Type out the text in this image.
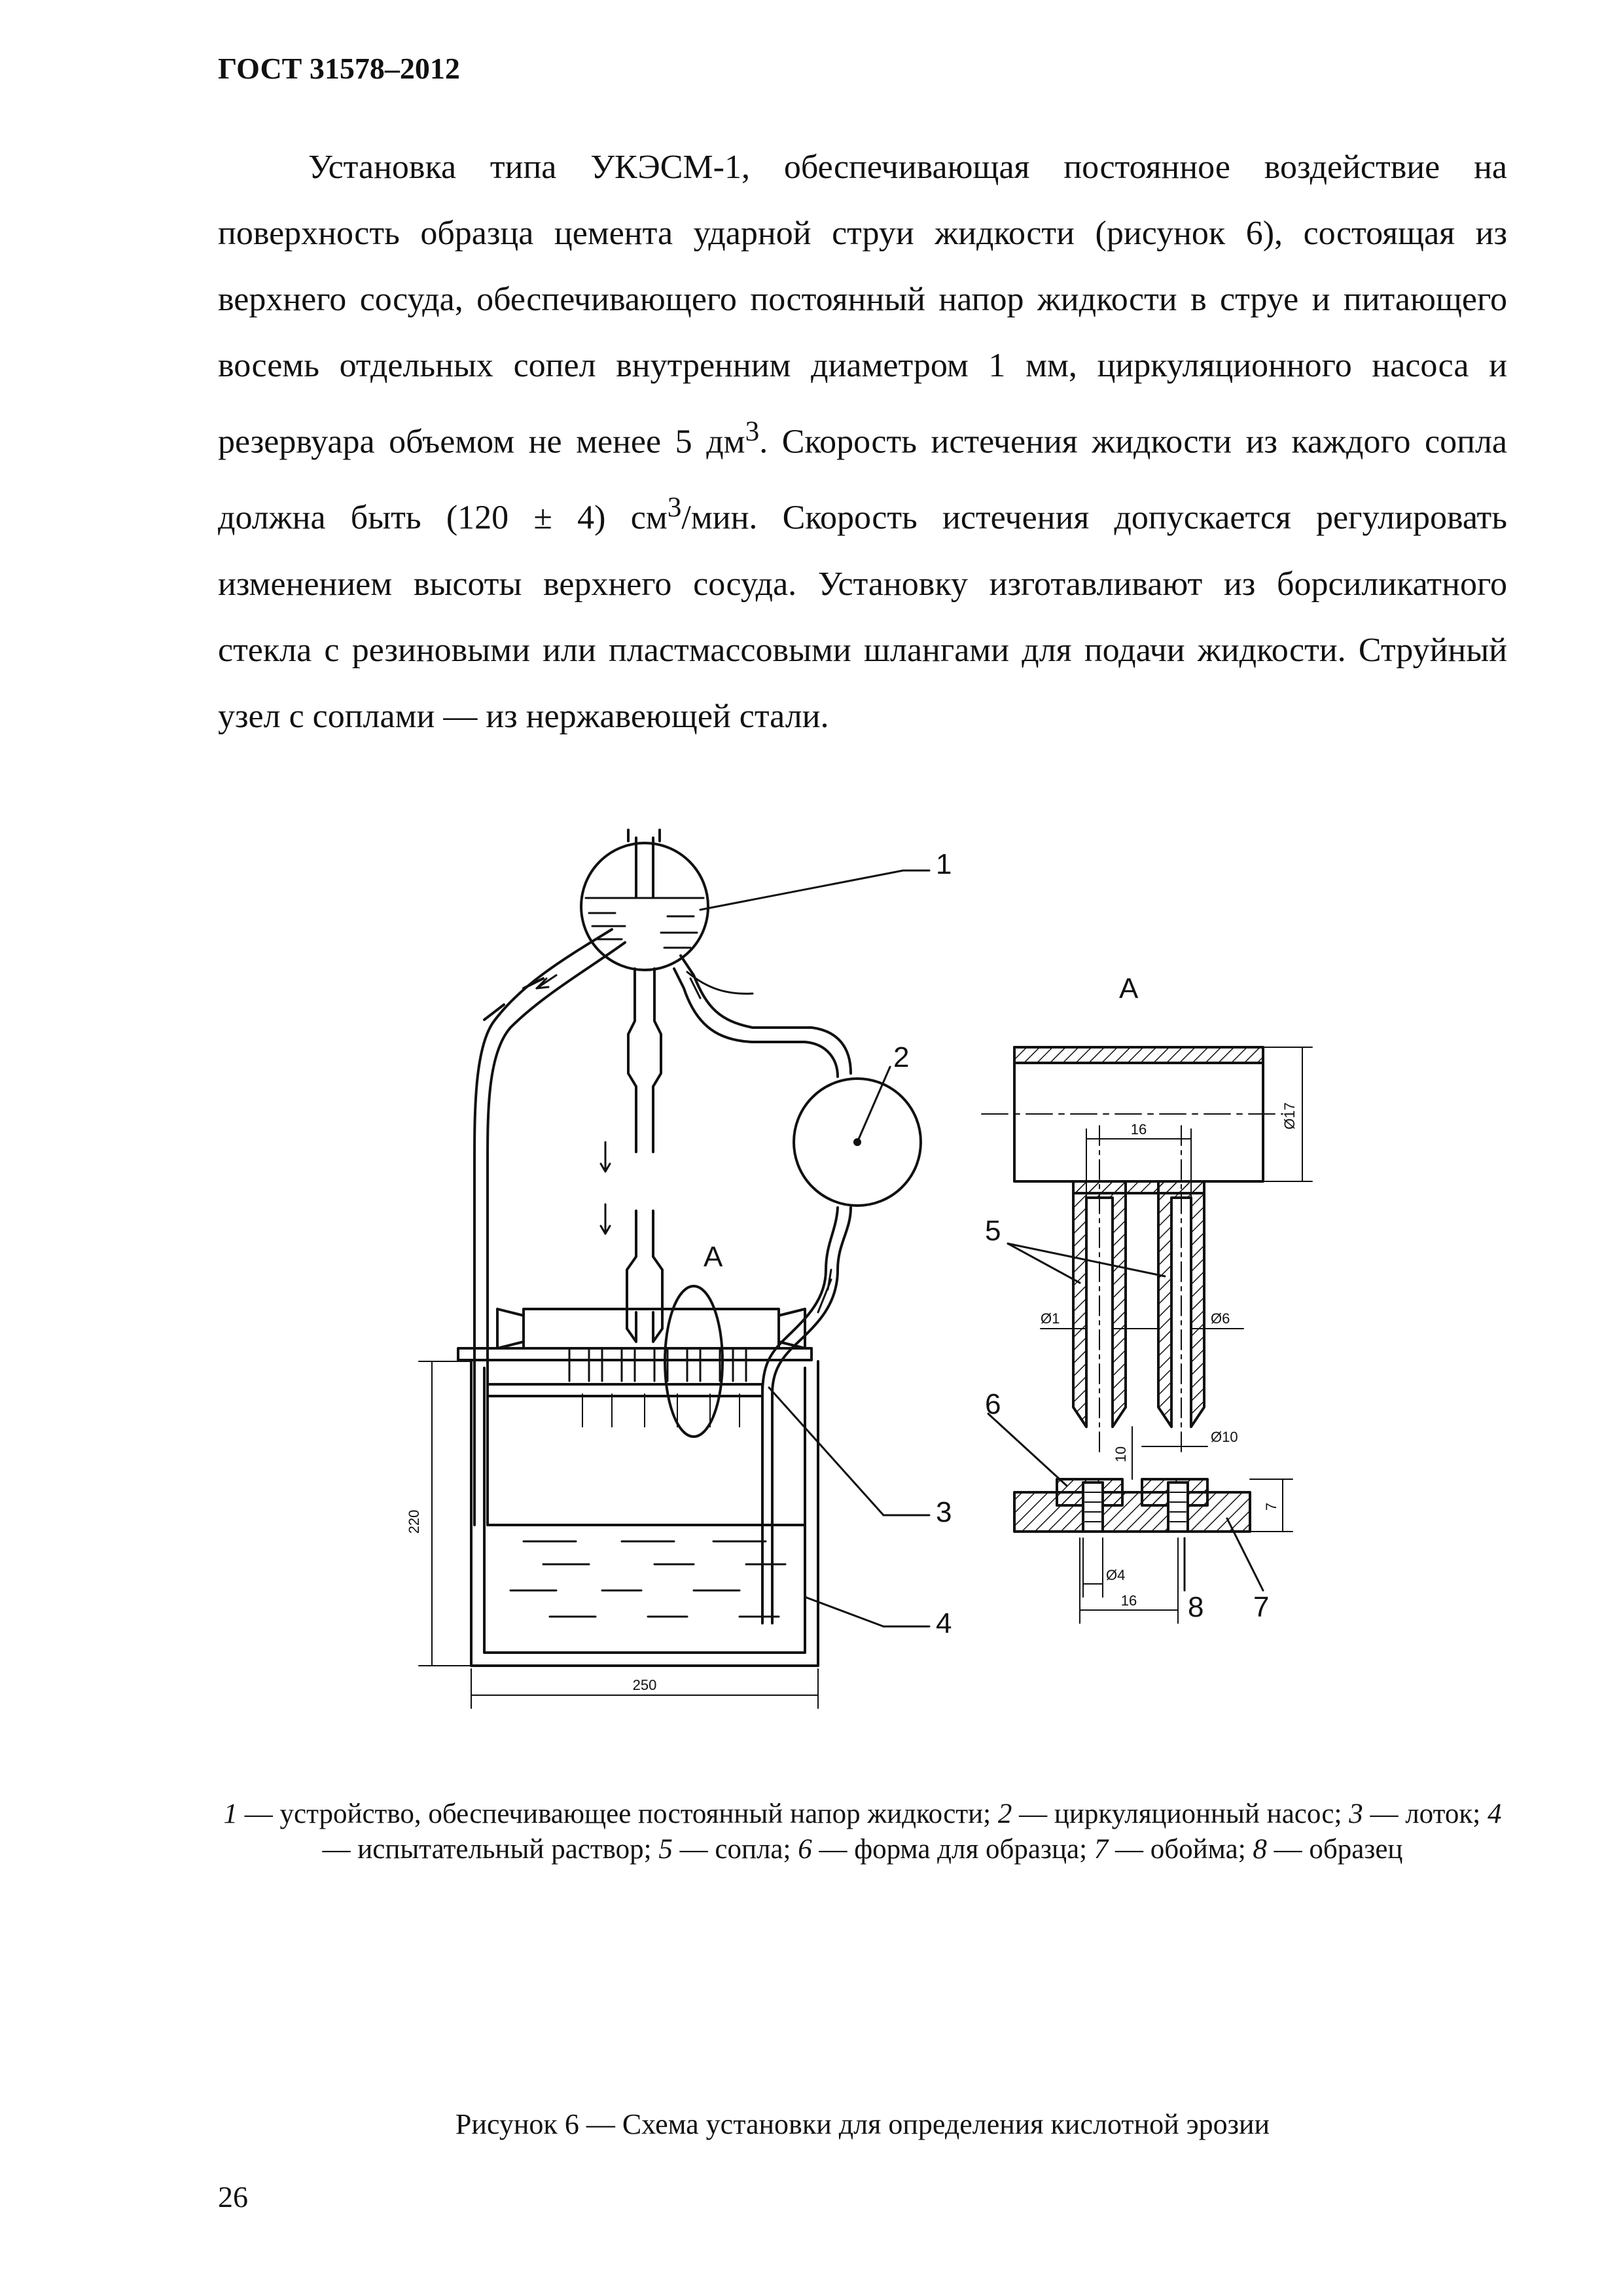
ГОСТ 31578–2012
Установка типа УКЭСМ-1, обеспечивающая постоянное воздействие на поверхность образца цемента ударной струи жидкости (рисунок 6), состоящая из верхнего сосуда, обеспечивающего постоянный напор жидкости в струе и питающего восемь отдельных сопел внутренним диаметром 1 мм, циркуляционного насоса и резервуара объемом не менее 5 $дм^3$. Скорость истечения жидкости из каждого сопла должна быть (120 ± 4) $см^3$/мин. Скорость истечения допускается регулировать изменением высоты верхнего сосуда. Установку изготавливают из борсиликатного стекла с резиновыми или пластмассовыми шлангами для подачи жидкости. Струйный узел с соплами — из нержавеющей стали.
1
2
3
4
5
6
7
8
A
A
220
250
Ø17
16
Ø1	Ø6
10
Ø10
7
Ø4
16
1 — устройство, обеспечивающее постоянный напор жидкости; 2 — циркуляционный насос; 3 — лоток; 4 — испытательный раствор; 5 — сопла; 6 — форма для образца; 7 — обойма; 8 — образец
Рисунок 6 — Схема установки для определения кислотной эрозии
26
